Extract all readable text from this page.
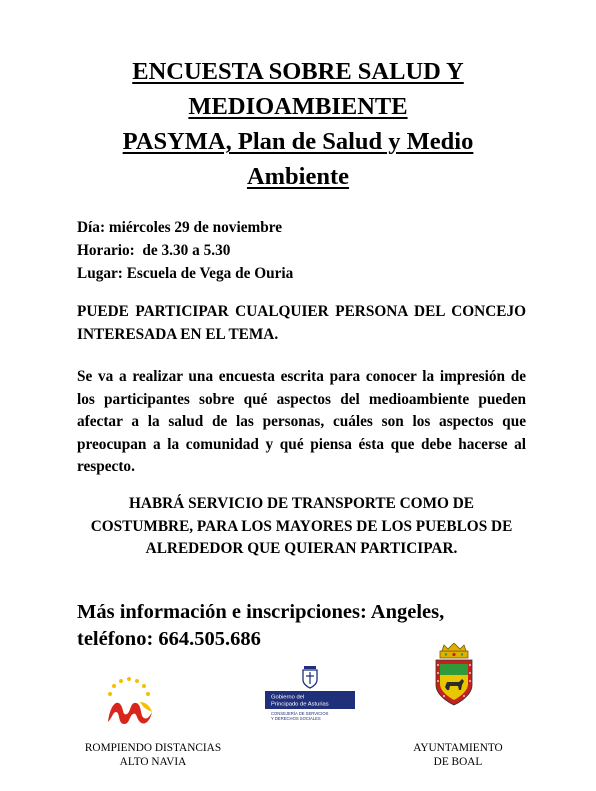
ENCUESTA SOBRE SALUD Y
MEDIOAMBIENTE
PASYMA, Plan de Salud y Medio
Ambiente
Día: miércoles 29 de noviembre
Horario:  de 3.30 a 5.30
Lugar: Escuela de Vega de Ouria
PUEDE PARTICIPAR CUALQUIER PERSONA DEL CONCEJO INTERESADA EN EL TEMA.
Se va a realizar una encuesta escrita para conocer la impresión de los participantes sobre qué aspectos del medioambiente pueden afectar a la salud de las personas, cuáles son los aspectos que preocupan a la comunidad y qué piensa ésta que debe hacerse al respecto.
HABRÁ SERVICIO DE TRANSPORTE COMO DE COSTUMBRE, PARA LOS MAYORES DE LOS PUEBLOS DE ALREDEDOR QUE QUIERAN PARTICIPAR.
Más información e inscripciones: Angeles,
teléfono: 664.505.686
Gobierno del
Principado de Asturias
CONSEJERÍA DE SERVICIOS
Y DERECHOS SOCIALES
ROMPIENDO DISTANCIAS
ALTO NAVIA
AYUNTAMIENTO
DE BOAL
